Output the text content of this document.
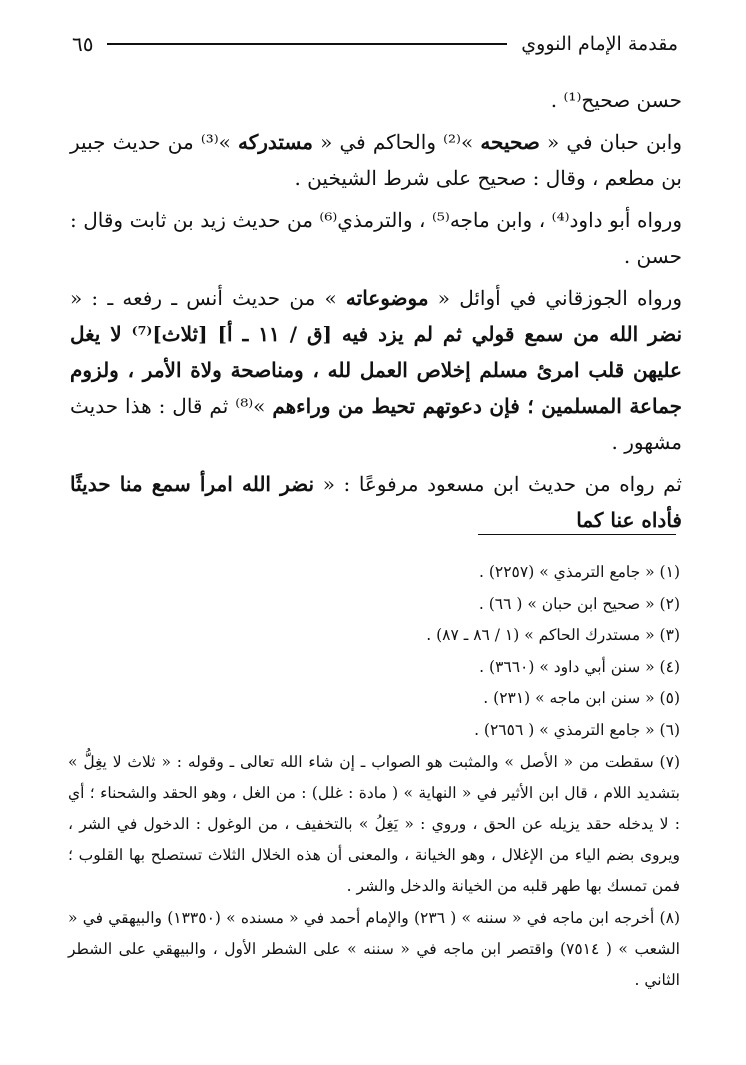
مقدمة الإمام النووي
٦٥

حسن صحيح⁽¹⁾ .

وابن حبان في « صحيحه »⁽²⁾ والحاكم في « مستدركه »⁽³⁾ من حديث جبير بن مطعم ، وقال : صحيح على شرط الشيخين .

ورواه أبو داود⁽⁴⁾ ، وابن ماجه⁽⁵⁾ ، والترمذي⁽⁶⁾ من حديث زيد بن ثابت وقال : حسن .

ورواه الجوزقاني في أوائل « موضوعاته » من حديث أنس ـ رفعه ـ : « نضر الله من سمع قولي ثم لم يزد فيه [ق / ١١ ـ أ] [ثلاث]⁽⁷⁾ لا يغل عليهن قلب امرئ مسلم إخلاص العمل لله ، ومناصحة ولاة الأمر ، ولزوم جماعة المسلمين ؛ فإن دعوتهم تحيط من وراءهم »⁽⁸⁾ ثم قال : هذا حديث مشهور .

ثم رواه من حديث ابن مسعود مرفوعًا : « نضر الله امرأ سمع منا حديثًا فأداه عنا كما

(١) « جامع الترمذي » (٢٢٥٧) .

(٢) « صحيح ابن حبان » ( ٦٦) .

(٣) « مستدرك الحاكم » (١ / ٨٦ ـ ٨٧) .

(٤) « سنن أبي داود » (٣٦٦٠) .

(٥) « سنن ابن ماجه » (٢٣١) .

(٦) « جامع الترمذي » ( ٢٦٥٦) .

(٧) سقطت من « الأصل » والمثبت هو الصواب ـ إن شاء الله تعالى ـ وقوله : « ثلاث لا يغِلُّ » بتشديد اللام ، قال ابن الأثير في « النهاية » ( مادة : غلل) : من الغل ، وهو الحقد والشحناء ؛ أي : لا يدخله حقد يزيله عن الحق ، وروي : « يَغِلُ » بالتخفيف ، من الوغول : الدخول في الشر ، ويروى بضم الياء من الإغلال ، وهو الخيانة ، والمعنى أن هذه الخلال الثلاث تستصلح بها القلوب ؛ فمن تمسك بها طهر قلبه من الخيانة والدخل والشر .

(٨) أخرجه ابن ماجه في « سننه » ( ٢٣٦) والإمام أحمد في « مسنده » (١٣٣٥٠) والبيهقي في « الشعب » ( ٧٥١٤) واقتصر ابن ماجه في « سننه » على الشطر الأول ، والبيهقي على الشطر الثاني .
